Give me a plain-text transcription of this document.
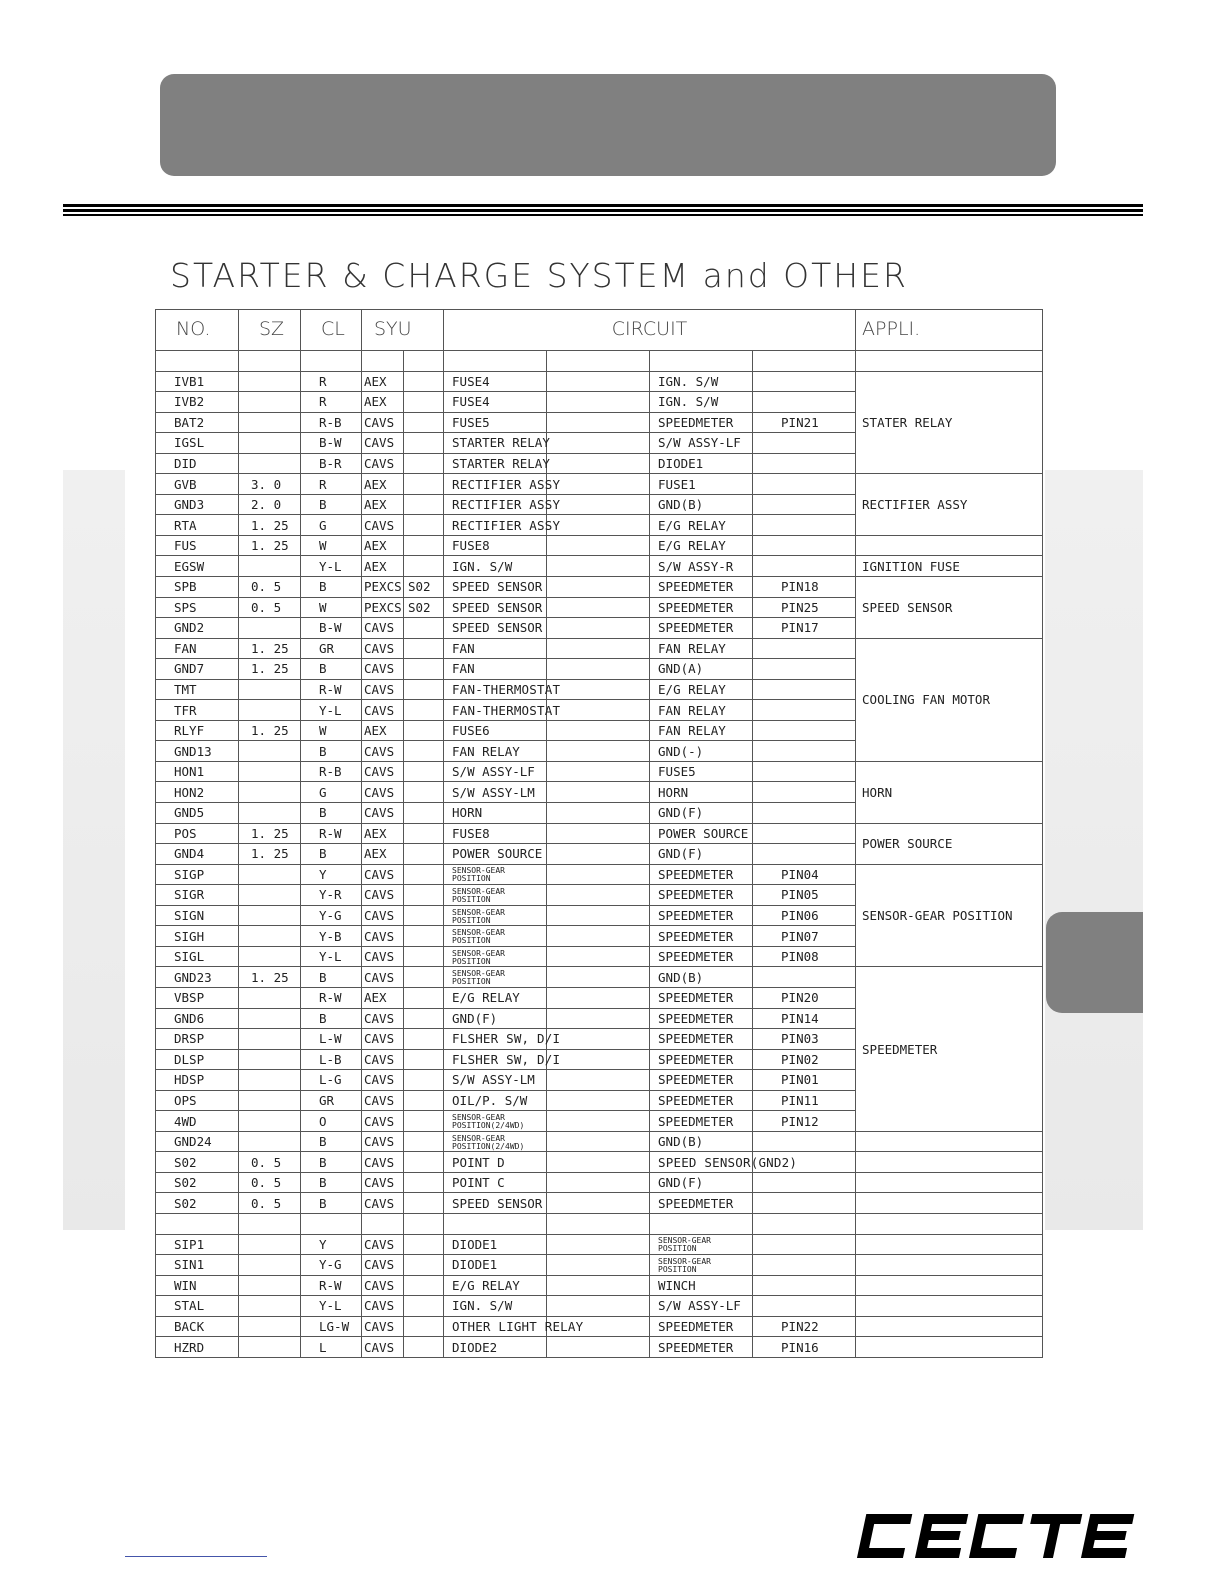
STARTER & CHARGE SYSTEM and OTHER
NO.	SZ	CL	SYU		CIRCUIT				APPLI.

IVB1		R	AEX		FUSE4		IGN. S/W		STATER RELAY
IVB2		R	AEX		FUSE4		IGN. S/W		
BAT2		R-B	CAVS		FUSE5		SPEEDMETER	PIN21	
IGSL		B-W	CAVS		STARTER RELAY		S/W ASSY-LF		
DID		B-R	CAVS		STARTER RELAY		DIODE1		
GVB	3. 0	R	AEX		RECTIFIER ASSY		FUSE1		RECTIFIER ASSY
GND3	2. 0	B	AEX		RECTIFIER ASSY		GND(B)		
RTA	1. 25	G	CAVS		RECTIFIER ASSY		E/G RELAY		
FUS	1. 25	W	AEX		FUSE8		E/G RELAY		
EGSW		Y-L	AEX		IGN. S/W		S/W ASSY-R		IGNITION FUSE
SPB	0. 5	B	PEXCS	S02	SPEED SENSOR		SPEEDMETER	PIN18	SPEED SENSOR
SPS	0. 5	W	PEXCS	S02	SPEED SENSOR		SPEEDMETER	PIN25	
GND2		B-W	CAVS		SPEED SENSOR		SPEEDMETER	PIN17	
FAN	1. 25	GR	CAVS		FAN		FAN RELAY		COOLING FAN MOTOR
GND7	1. 25	B	CAVS		FAN		GND(A)		
TMT		R-W	CAVS		FAN-THERMOSTAT		E/G RELAY		
TFR		Y-L	CAVS		FAN-THERMOSTAT		FAN RELAY		
RLYF	1. 25	W	AEX		FUSE6		FAN RELAY		
GND13		B	CAVS		FAN RELAY		GND(-)		
HON1		R-B	CAVS		S/W ASSY-LF		FUSE5		HORN
HON2		G	CAVS		S/W ASSY-LM		HORN		
GND5		B	CAVS		HORN		GND(F)		
POS	1. 25	R-W	AEX		FUSE8		POWER SOURCE		POWER SOURCE
GND4	1. 25	B	AEX		POWER SOURCE		GND(F)		
SIGP		Y	CAVS		SENSOR-GEAR POSITION		SPEEDMETER	PIN04	SENSOR-GEAR POSITION
SIGR		Y-R	CAVS		SENSOR-GEAR POSITION		SPEEDMETER	PIN05	
SIGN		Y-G	CAVS		SENSOR-GEAR POSITION		SPEEDMETER	PIN06	
SIGH		Y-B	CAVS		SENSOR-GEAR POSITION		SPEEDMETER	PIN07	
SIGL		Y-L	CAVS		SENSOR-GEAR POSITION		SPEEDMETER	PIN08	
GND23	1. 25	B	CAVS		SENSOR-GEAR POSITION		GND(B)		SPEEDMETER
VBSP		R-W	AEX		E/G RELAY		SPEEDMETER	PIN20	
GND6		B	CAVS		GND(F)		SPEEDMETER	PIN14	
DRSP		L-W	CAVS		FLSHER SW, D/I		SPEEDMETER	PIN03	
DLSP		L-B	CAVS		FLSHER SW, D/I		SPEEDMETER	PIN02	
HDSP		L-G	CAVS		S/W ASSY-LM		SPEEDMETER	PIN01	
OPS		GR	CAVS		OIL/P. S/W		SPEEDMETER	PIN11	
4WD		O	CAVS		SENSOR-GEAR POSITION(2/4WD)		SPEEDMETER	PIN12	
GND24		B	CAVS		SENSOR-GEAR POSITION(2/4WD)		GND(B)		
S02	0. 5	B	CAVS		POINT D		SPEED SENSOR(GND2)		
S02	0. 5	B	CAVS		POINT C		GND(F)		
S02	0. 5	B	CAVS		SPEED SENSOR		SPEEDMETER		

SIP1		Y	CAVS		DIODE1		SENSOR-GEAR POSITION		
SIN1		Y-G	CAVS		DIODE1		SENSOR-GEAR POSITION		
WIN		R-W	CAVS		E/G RELAY		WINCH		
STAL		Y-L	CAVS		IGN. S/W		S/W ASSY-LF		
BACK		LG-W	CAVS		OTHER LIGHT RELAY		SPEEDMETER	PIN22	
HZRD		L	CAVS		DIODE2		SPEEDMETER	PIN16	
